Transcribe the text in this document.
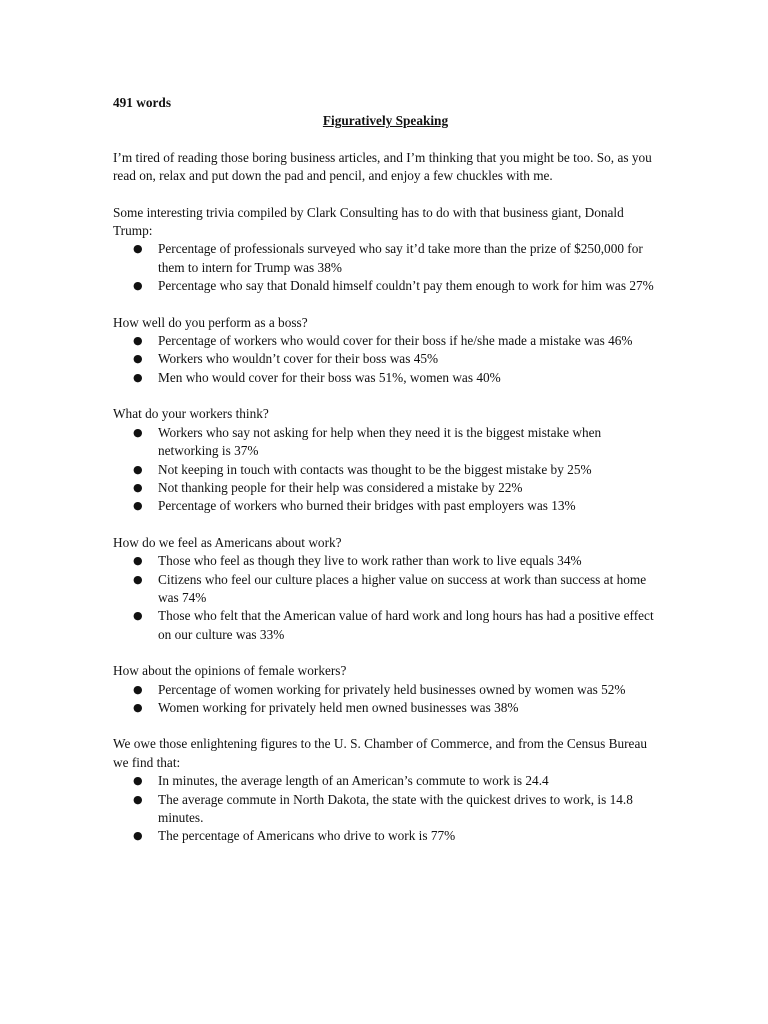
491 words

Figuratively Speaking

I’m tired of reading those boring business articles, and I’m thinking that you might be too. So, as you read on, relax and put down the pad and pencil, and enjoy a few chuckles with me.

Some interesting trivia compiled by Clark Consulting has to do with that business giant, Donald Trump:

● Percentage of professionals surveyed who say it’d take more than the prize of $250,000 for them to intern for Trump was 38%
● Percentage who say that Donald himself couldn’t pay them enough to work for him was 27%

How well do you perform as a boss?

● Percentage of workers who would cover for their boss if he/she made a mistake was 46%
● Workers who wouldn’t cover for their boss was 45%
● Men who would cover for their boss was 51%, women was 40%

What do your workers think?

● Workers who say not asking for help when they need it is the biggest mistake when networking is 37%
● Not keeping in touch with contacts was thought to be the biggest mistake by 25%
● Not thanking people for their help was considered a mistake by 22%
● Percentage of workers who burned their bridges with past employers was 13%

How do we feel as Americans about work?

● Those who feel as though they live to work rather than work to live equals 34%
● Citizens who feel our culture places a higher value on success at work than success at home was 74%
● Those who felt that the American value of hard work and long hours has had a positive effect on our culture was 33%

How about the opinions of female workers?

● Percentage of women working for privately held businesses owned by women was 52%
● Women working for privately held men owned businesses was 38%

We owe those enlightening figures to the U. S. Chamber of Commerce, and from the Census Bureau we find that:

● In minutes, the average length of an American’s commute to work is 24.4
● The average commute in North Dakota, the state with the quickest drives to work, is 14.8 minutes.
● The percentage of Americans who drive to work is 77%
